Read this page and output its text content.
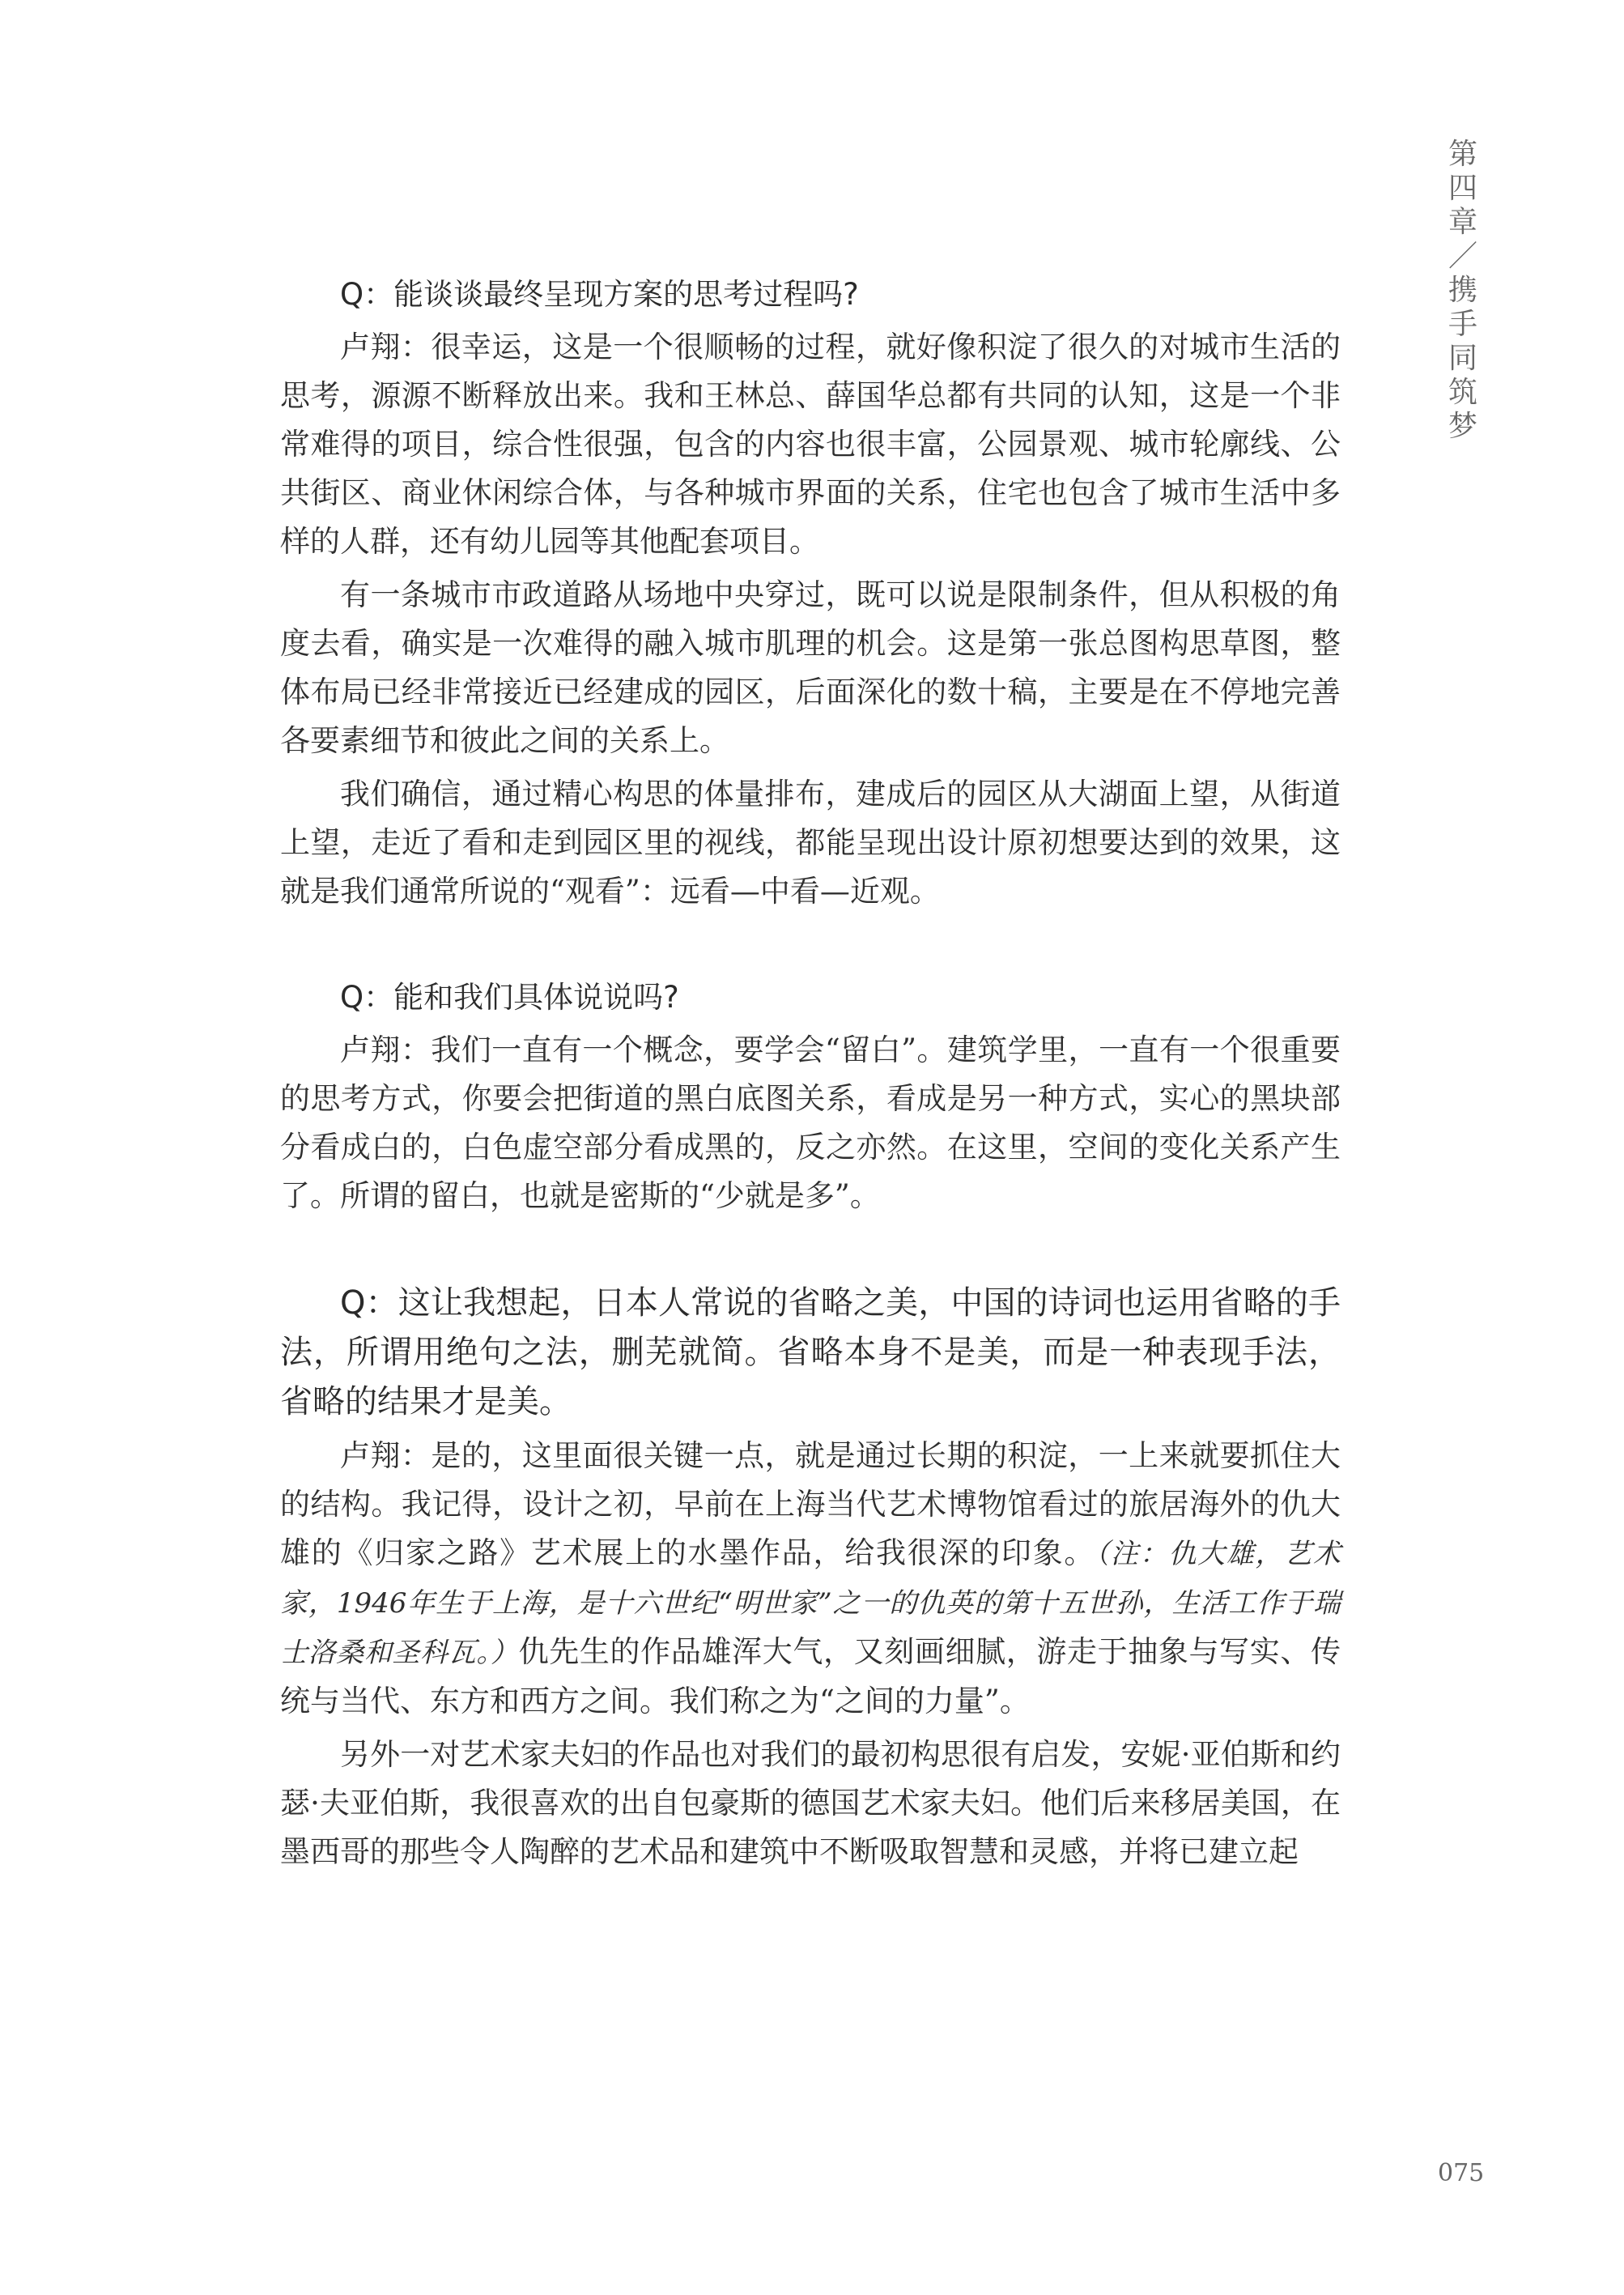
第四章／携手同筑梦

Q：能谈谈最终呈现方案的思考过程吗?

卢翔：很幸运，这是一个很顺畅的过程，就好像积淀了很久的对城市生活的思考，源源不断释放出来。我和王林总、薛国华总都有共同的认知，这是一个非常难得的项目，综合性很强，包含的内容也很丰富，公园景观、城市轮廓线、公共街区、商业休闲综合体，与各种城市界面的关系，住宅也包含了城市生活中多样的人群，还有幼儿园等其他配套项目。

有一条城市市政道路从场地中央穿过，既可以说是限制条件，但从积极的角度去看，确实是一次难得的融入城市肌理的机会。这是第一张总图构思草图，整体布局已经非常接近已经建成的园区，后面深化的数十稿，主要是在不停地完善各要素细节和彼此之间的关系上。

我们确信，通过精心构思的体量排布，建成后的园区从大湖面上望，从街道上望，走近了看和走到园区里的视线，都能呈现出设计原初想要达到的效果，这就是我们通常所说的“观看”：远看—中看—近观。

Q：能和我们具体说说吗?

卢翔：我们一直有一个概念，要学会“留白”。建筑学里，一直有一个很重要的思考方式，你要会把街道的黑白底图关系，看成是另一种方式，实心的黑块部分看成白的，白色虚空部分看成黑的，反之亦然。在这里，空间的变化关系产生了。所谓的留白，也就是密斯的“少就是多”。

Q：这让我想起，日本人常说的省略之美，中国的诗词也运用省略的手法，所谓用绝句之法，删芜就简。省略本身不是美，而是一种表现手法，省略的结果才是美。

卢翔：是的，这里面很关键一点，就是通过长期的积淀，一上来就要抓住大的结构。我记得，设计之初，早前在上海当代艺术博物馆看过的旅居海外的仇大雄的《归家之路》艺术展上的水墨作品，给我很深的印象。（注：仇大雄，艺术家，1946年生于上海，是十六世纪“明世家”之一的仇英的第十五世孙，生活工作于瑞士洛桑和圣科瓦。）仇先生的作品雄浑大气，又刻画细腻，游走于抽象与写实、传统与当代、东方和西方之间。我们称之为“之间的力量”。

另外一对艺术家夫妇的作品也对我们的最初构思很有启发，安妮·亚伯斯和约瑟·夫亚伯斯，我很喜欢的出自包豪斯的德国艺术家夫妇。他们后来移居美国，在墨西哥的那些令人陶醉的艺术品和建筑中不断吸取智慧和灵感，并将已建立起

075
